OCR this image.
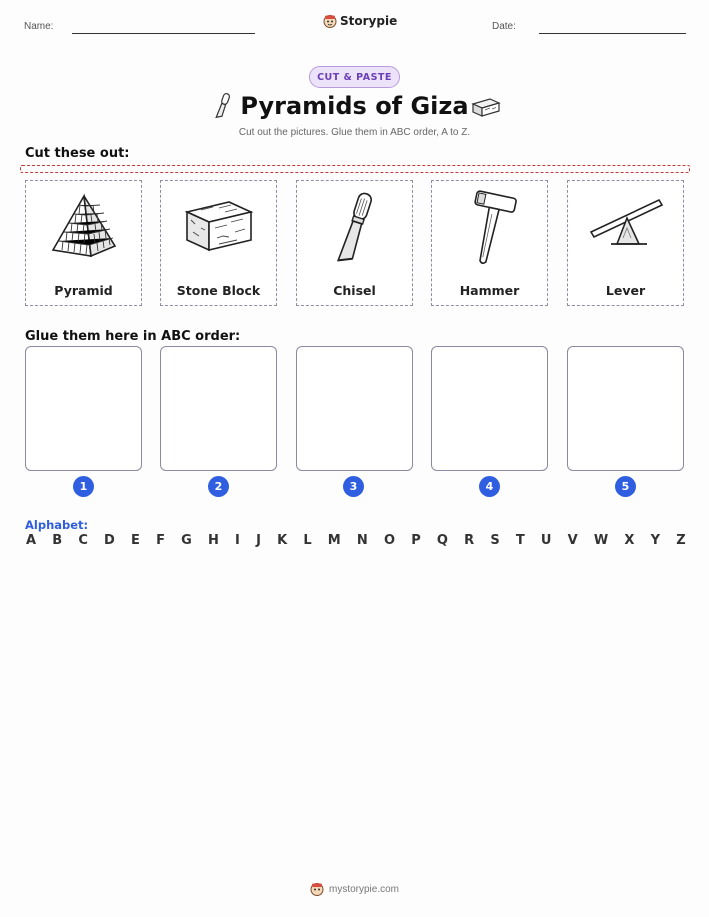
Name:	Storypie	Date:
CUT & PASTE
Pyramids of Giza
Cut out the pictures. Glue them in ABC order, A to Z.
Cut these out:
Pyramid	Stone Block	Chisel	Hammer	Lever
Glue them here in ABC order:
1	2	3	4	5
Alphabet:
A B C D E F G H I J K L M N O P Q R S T U V W X Y Z
mystorypie.com
